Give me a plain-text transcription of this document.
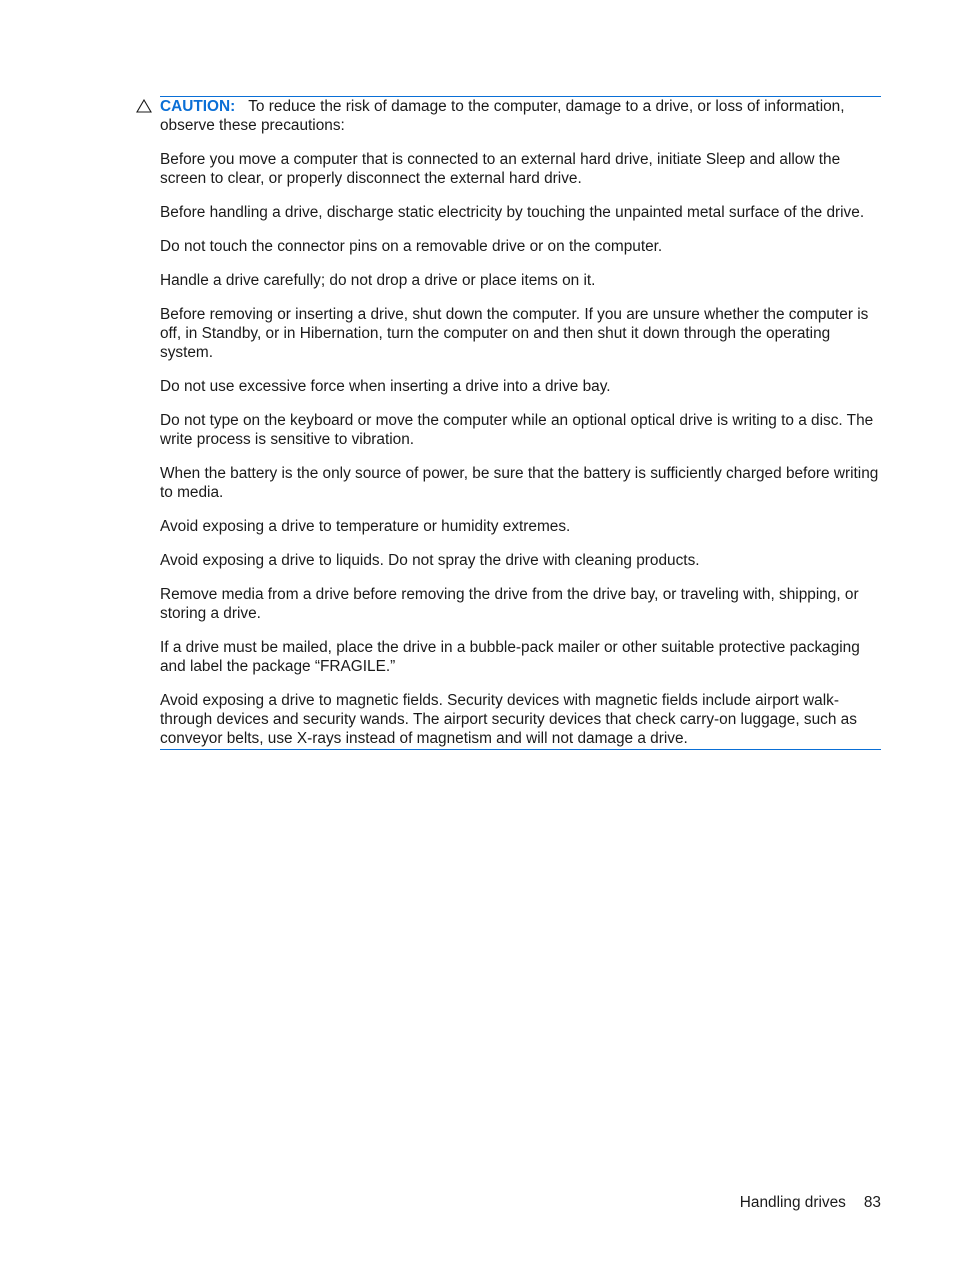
CAUTION: To reduce the risk of damage to the computer, damage to a drive, or loss of information, observe these precautions:

Before you move a computer that is connected to an external hard drive, initiate Sleep and allow the screen to clear, or properly disconnect the external hard drive.

Before handling a drive, discharge static electricity by touching the unpainted metal surface of the drive.

Do not touch the connector pins on a removable drive or on the computer.

Handle a drive carefully; do not drop a drive or place items on it.

Before removing or inserting a drive, shut down the computer. If you are unsure whether the computer is off, in Standby, or in Hibernation, turn the computer on and then shut it down through the operating system.

Do not use excessive force when inserting a drive into a drive bay.

Do not type on the keyboard or move the computer while an optional optical drive is writing to a disc. The write process is sensitive to vibration.

When the battery is the only source of power, be sure that the battery is sufficiently charged before writing to media.

Avoid exposing a drive to temperature or humidity extremes.

Avoid exposing a drive to liquids. Do not spray the drive with cleaning products.

Remove media from a drive before removing the drive from the drive bay, or traveling with, shipping, or storing a drive.

If a drive must be mailed, place the drive in a bubble-pack mailer or other suitable protective packaging and label the package “FRAGILE.”

Avoid exposing a drive to magnetic fields. Security devices with magnetic fields include airport walk-through devices and security wands. The airport security devices that check carry-on luggage, such as conveyor belts, use X-rays instead of magnetism and will not damage a drive.

Handling drives 83
